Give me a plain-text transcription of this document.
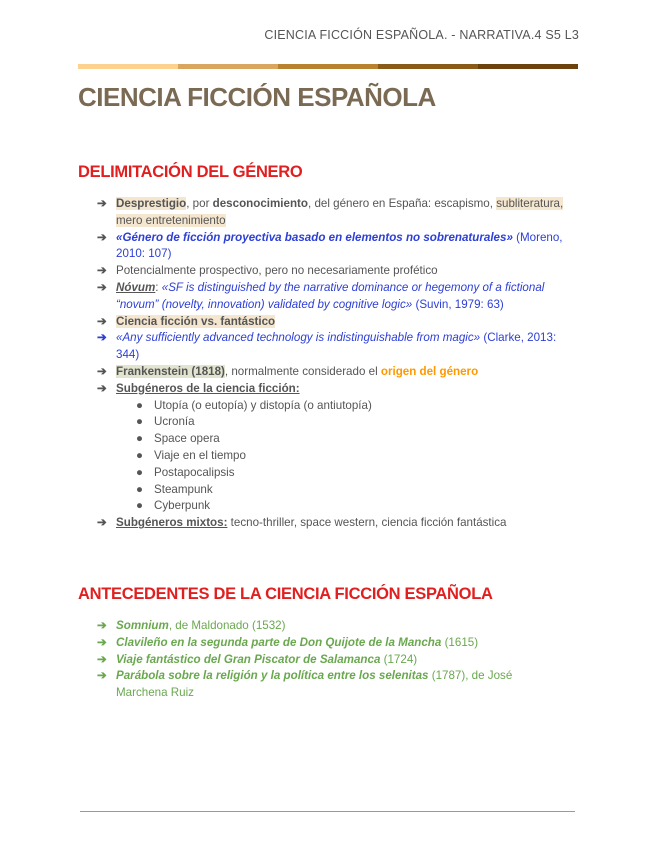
CIENCIA FICCIÓN ESPAÑOLA. - NARRATIVA.4 S5 L3
CIENCIA FICCIÓN ESPAÑOLA
DELIMITACIÓN DEL GÉNERO
➔ Desprestigio, por desconocimiento, del género en España: escapismo, subliteratura, mero entretenimiento
➔ «Género de ficción proyectiva basado en elementos no sobrenaturales» (Moreno, 2010: 107)
➔ Potencialmente prospectivo, pero no necesariamente profético
➔ Nóvum: «SF is distinguished by the narrative dominance or hegemony of a fictional “novum” (novelty, innovation) validated by cognitive logic» (Suvin, 1979: 63)
➔ Ciencia ficción vs. fantástico
➔ «Any sufficiently advanced technology is indistinguishable from magic» (Clarke, 2013: 344)
➔ Frankenstein (1818), normalmente considerado el origen del género
➔ Subgéneros de la ciencia ficción:
● Utopía (o eutopía) y distopía (o antiutopía)
● Ucronía
● Space opera
● Viaje en el tiempo
● Postapocalipsis
● Steampunk
● Cyberpunk
➔ Subgéneros mixtos: tecno-thriller, space western, ciencia ficción fantástica
ANTECEDENTES DE LA CIENCIA FICCIÓN ESPAÑOLA
➔ Somnium, de Maldonado (1532)
➔ Clavileño en la segunda parte de Don Quijote de la Mancha (1615)
➔ Viaje fantástico del Gran Piscator de Salamanca (1724)
➔ Parábola sobre la religión y la política entre los selenitas (1787), de José Marchena Ruiz
